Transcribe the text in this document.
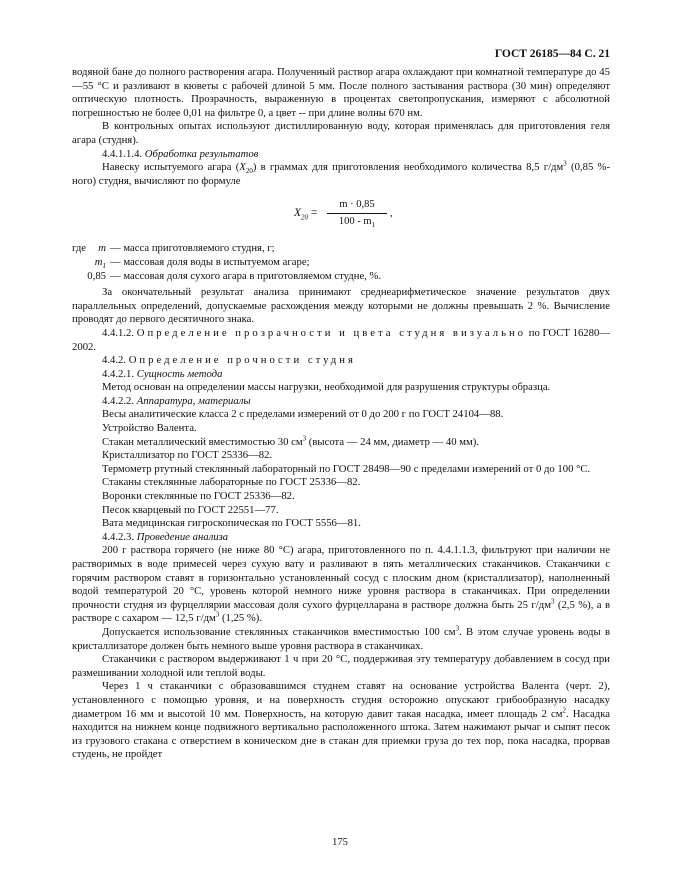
ГОСТ 26185—84 С. 21

водяной бане до полного растворения агара. Полученный раствор агара охлаждают при комнатной температуре до 45—55 °С и разливают в кюветы с рабочей длиной 5 мм. После полного застывания раствора (30 мин) определяют оптическую плотность. Прозрачность, выраженную в процентах светопропускания, измеряют с абсолютной погрешностью не более 0,01 на фильтре 0, а цвет -- при длине волны 670 нм.

В контрольных опытах используют дистиллированную воду, которая применялась для приготовления геля агара (студня).

4.4.1.1.4. Обработка результатов

Навеску испытуемого агара $(X_{20})$ в граммах для приготовления необходимого количества 8,5 $г/дм^3$ (0,85 %-ного) студня, вычисляют по формуле

$X_{20}$ =
m · 0,85
$100 - m_1$
,
где	m — масса приготовляемого студня, г;
$m_1$ — массовая доля воды в испытуемом агаре;
0,85 — массовая доля сухого агара в приготовляемом студне, %.

За окончательный результат анализа принимают среднеарифметическое значение результатов двух параллельных определений, допускаемые расхождения между которыми не должны превышать 2 %. Вычисление проводят до первого десятичного знака.

4.4.1.2. Определение прозрачности и цвета студня визуально по ГОСТ 16280—2002.

4.4.2. Определение прочности студня

4.4.2.1. Сущность метода

Метод основан на определении массы нагрузки, необходимой для разрушения структуры образца.

4.4.2.2. Аппаратура, материалы

Весы аналитические класса 2 с пределами измерений от 0 до 200 г по ГОСТ 24104—88.

Устройство Валента.

Стакан металлический вместимостью 30 $см^3$ (высота — 24 мм, диаметр — 40 мм).

Кристаллизатор по ГОСТ 25336—82.

Термометр ртутный стеклянный лабораторный по ГОСТ 28498—90 с пределами измерений от 0 до 100 °С.

Стаканы стеклянные лабораторные по ГОСТ 25336—82.

Воронки стеклянные по ГОСТ 25336—82.

Песок кварцевый по ГОСТ 22551—77.

Вата медицинская гигроскопическая по ГОСТ 5556—81.

4.4.2.3. Проведение анализа

200 г раствора горячего (не ниже 80 °С) агара, приготовленного по п. 4.4.1.1.3, фильтруют при наличии не растворимых в воде примесей через сухую вату и разливают в пять металлических стаканчиков. Стаканчики с горячим раствором ставят в горизонтально установленный сосуд с плоским дном (кристаллизатор), наполненный водой температурой 20 °С, уровень которой немного ниже уровня раствора в стаканчиках. При определении прочности студня из фурцеллярии массовая доля сухого фурцелларана в растворе должна быть 25 $г/дм^3$ (2,5 %), а в растворе с сахаром — 12,5 $г/дм^3$ (1,25 %).

Допускается использование стеклянных стаканчиков вместимостью 100 $см^3$. В этом случае уровень воды в кристаллизаторе должен быть немного выше уровня раствора в стаканчиках.

Стаканчики с раствором выдерживают 1 ч при 20 °С, поддерживая эту температуру добавлением в сосуд при размешивании холодной или теплой воды.

Через 1 ч стаканчики с образовавшимся студнем ставят на основание устройства Валента (черт. 2), установленного с помощью уровня, и на поверхность студня осторожно опускают грибообразную насадку диаметром 16 мм и высотой 10 мм. Поверхность, на которую давит такая насадка, имеет площадь 2 $см^2$. Насадка находится на нижнем конце подвижного вертикально расположенного штока. Затем нажимают рычаг и сыпят песок из грузового стакана с отверстием в коническом дне в стакан для приемки груза до тех пор, пока насадка, прорвав студень, не пройдет

175
